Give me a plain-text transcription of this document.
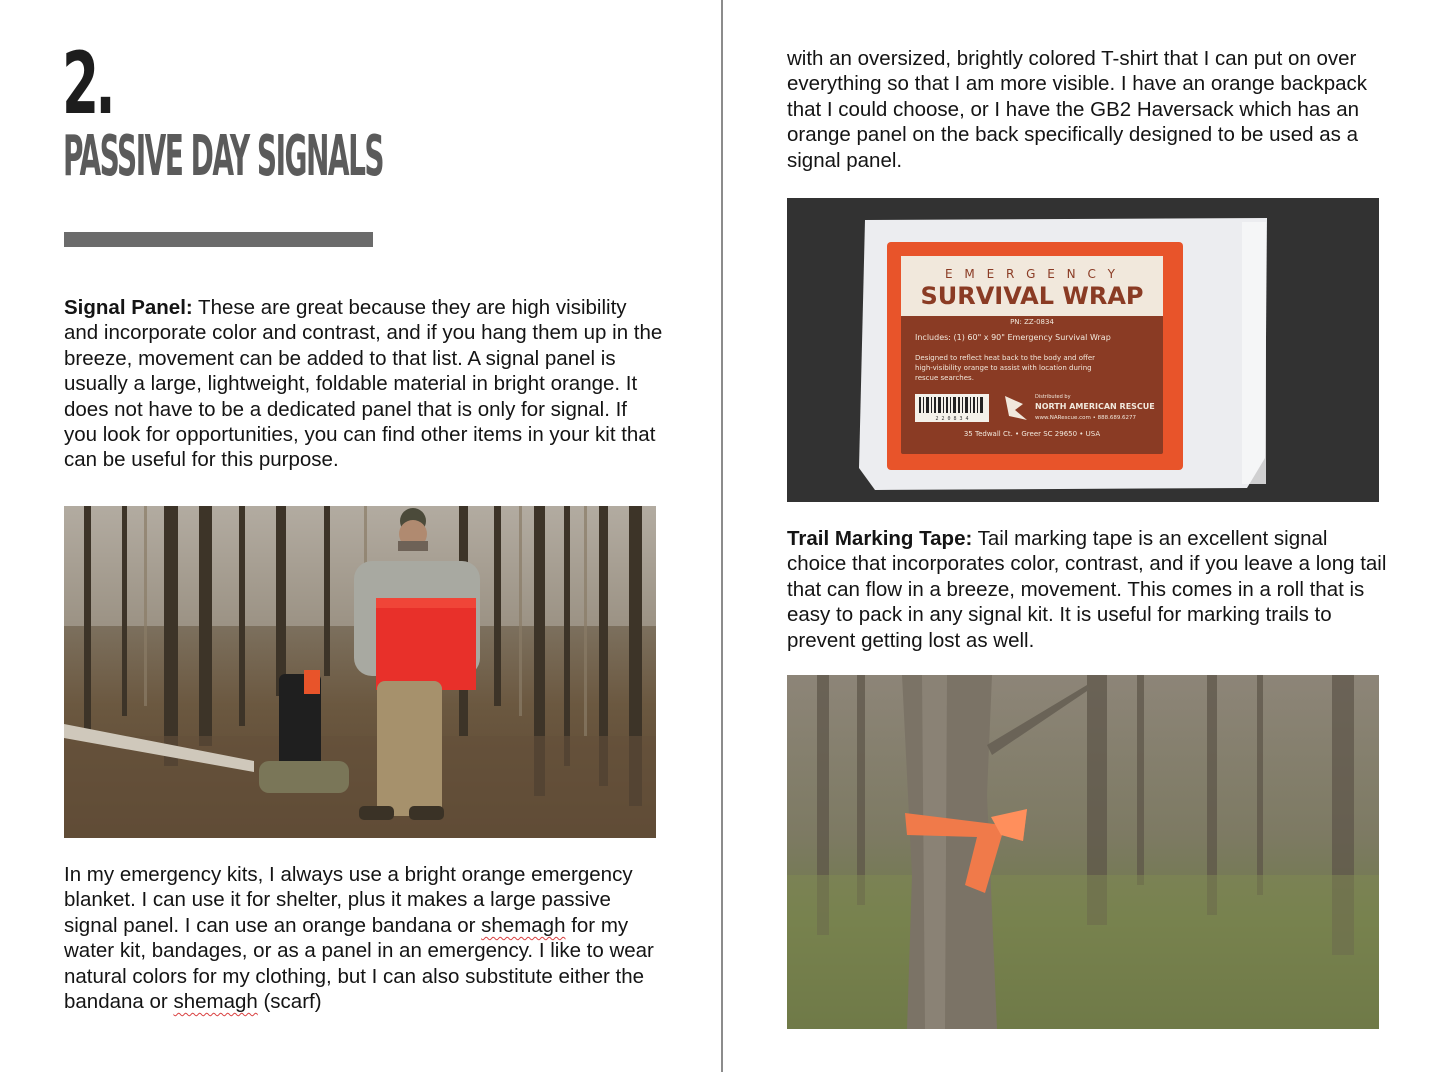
2.
PASSIVE DAY SIGNALS

Signal Panel: These are great because they are high visibility and incorporate color and contrast, and if you hang them up in the breeze, movement can be added to that list. A signal panel is usually a large, lightweight, foldable material in bright orange. It does not have to be a dedicated panel that is only for signal. If you look for opportunities, you can find other items in your kit that can be useful for this purpose.

In my emergency kits, I always use a bright orange emergency blanket. I can use it for shelter, plus it makes a large passive signal panel. I can use an orange bandana or shemagh for my water kit, bandages, or as a panel in an emergency. I like to wear natural colors for my clothing, but I can also substitute either the bandana or shemagh (scarf)

with an oversized, brightly colored T-shirt that I can put on over everything so that I am more visible. I have an orange backpack that I could choose, or I have the GB2 Haversack which has an orange panel on the back specifically designed to be used as a signal panel.

E M E R G E N C Y
SURVIVAL WRAP
PN: ZZ-0834
Includes: (1) 60" x 90" Emergency Survival Wrap
Designed to reflect heat back to the body and offer
high-visibility orange to assist with location during
rescue searches.
2 2 0 8 3 4
Distributed by
NORTH AMERICAN RESCUE
www.NARescue.com • 888.689.6277
35 Tedwall Ct. • Greer SC 29650 • USA

Trail Marking Tape: Tail marking tape is an excellent signal choice that incorporates color, contrast, and if you leave a long tail that can flow in a breeze, movement. This comes in a roll that is easy to pack in any signal kit. It is useful for marking trails to prevent getting lost as well.
